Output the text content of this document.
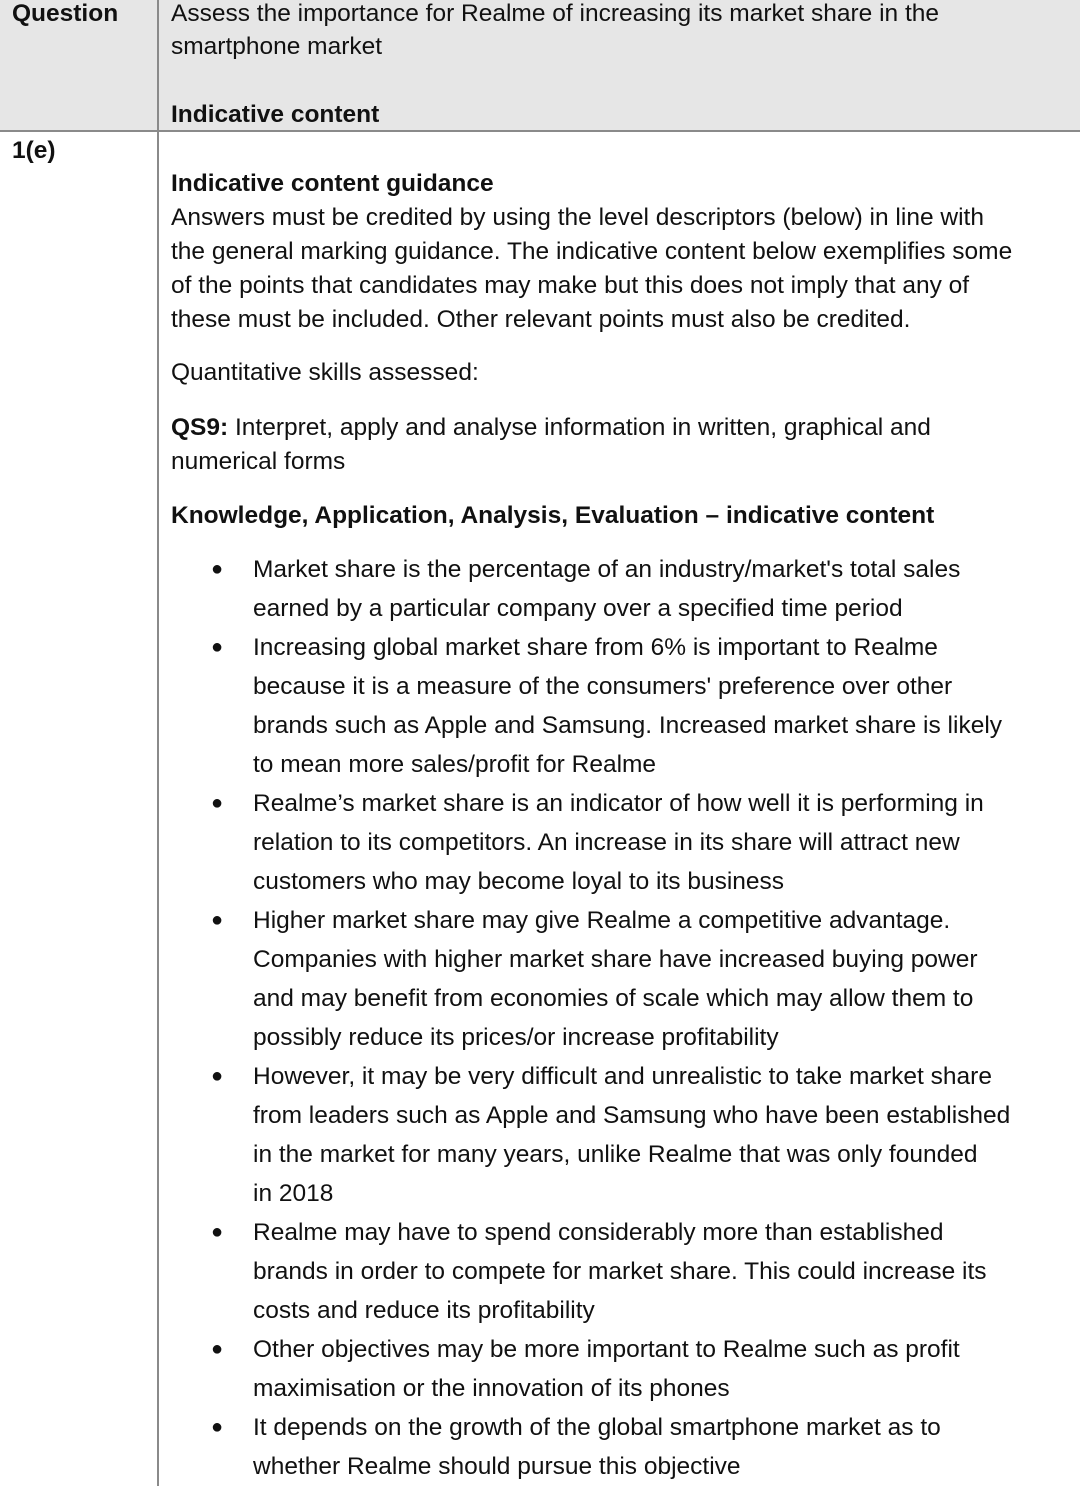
Question Assess the importance for Realme of increasing its market share in the
smartphone market
Indicative content
1(e)
Indicative content guidance
Answers must be credited by using the level descriptors (below) in line with
the general marking guidance. The indicative content below exemplifies some
of the points that candidates may make but this does not imply that any of
these must be included. Other relevant points must also be credited.
Quantitative skills assessed:
QS9: Interpret, apply and analyse information in written, graphical and
numerical forms
Knowledge, Application, Analysis, Evaluation – indicative content
● Market share is the percentage of an industry/market's total sales
earned by a particular company over a specified time period
● Increasing global market share from 6% is important to Realme
because it is a measure of the consumers' preference over other
brands such as Apple and Samsung. Increased market share is likely
to mean more sales/profit for Realme
● Realme’s market share is an indicator of how well it is performing in
relation to its competitors. An increase in its share will attract new
customers who may become loyal to its business
● Higher market share may give Realme a competitive advantage.
Companies with higher market share have increased buying power
and may benefit from economies of scale which may allow them to
possibly reduce its prices/or increase profitability
● However, it may be very difficult and unrealistic to take market share
from leaders such as Apple and Samsung who have been established
in the market for many years, unlike Realme that was only founded
in 2018
● Realme may have to spend considerably more than established
brands in order to compete for market share. This could increase its
costs and reduce its profitability
● Other objectives may be more important to Realme such as profit
maximisation or the innovation of its phones
● It depends on the growth of the global smartphone market as to
whether Realme should pursue this objective
